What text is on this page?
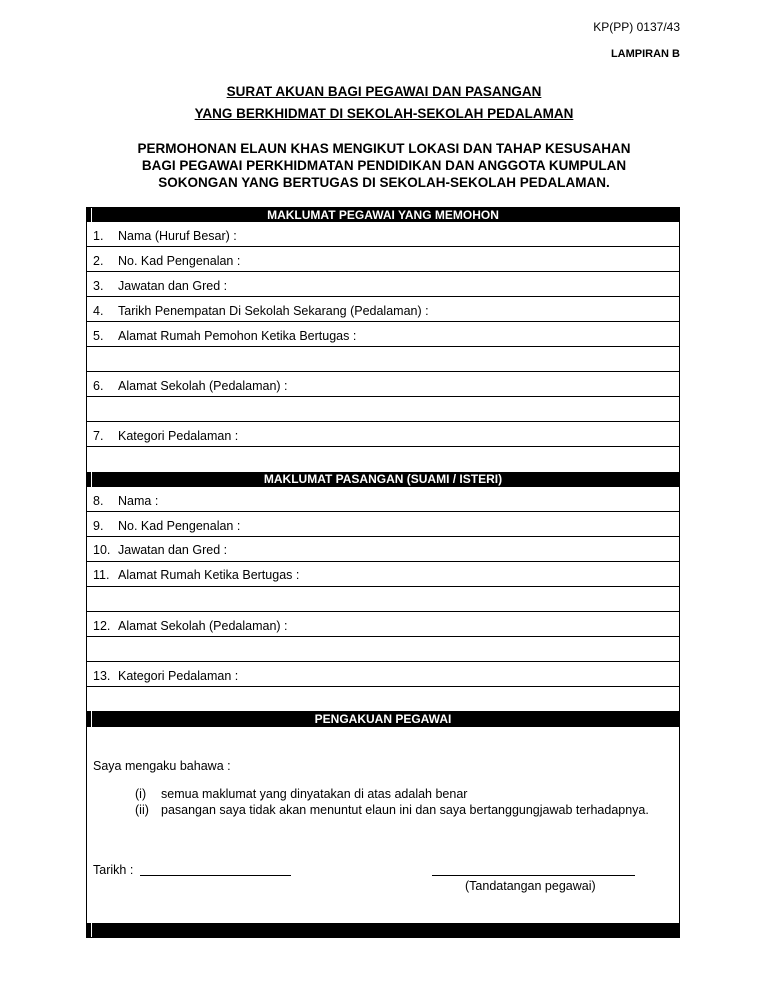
KP(PP) 0137/43
LAMPIRAN B
SURAT AKUAN BAGI PEGAWAI DAN PASANGAN
YANG BERKHIDMAT DI SEKOLAH-SEKOLAH PEDALAMAN
PERMOHONAN ELAUN KHAS MENGIKUT LOKASI DAN TAHAP KESUSAHAN
BAGI PEGAWAI PERKHIDMATAN PENDIDIKAN DAN ANGGOTA KUMPULAN
SOKONGAN YANG BERTUGAS DI SEKOLAH-SEKOLAH PEDALAMAN.
MAKLUMAT PEGAWAI YANG MEMOHON
1. Nama (Huruf Besar) :
2. No. Kad Pengenalan :
3. Jawatan dan Gred :
4. Tarikh Penempatan Di Sekolah Sekarang (Pedalaman) :
5. Alamat Rumah Pemohon Ketika Bertugas :
6. Alamat Sekolah (Pedalaman) :
7. Kategori Pedalaman :
MAKLUMAT PASANGAN (SUAMI / ISTERI)
8. Nama :
9. No. Kad Pengenalan :
10. Jawatan dan Gred :
11. Alamat Rumah Ketika Bertugas :
12. Alamat Sekolah (Pedalaman) :
13. Kategori Pedalaman :
PENGAKUAN PEGAWAI
Saya mengaku bahawa :
(i) semua maklumat yang dinyatakan di atas adalah benar
(ii) pasangan saya tidak akan menuntut elaun ini dan saya bertanggungjawab terhadapnya.
Tarikh :
(Tandatangan pegawai)
